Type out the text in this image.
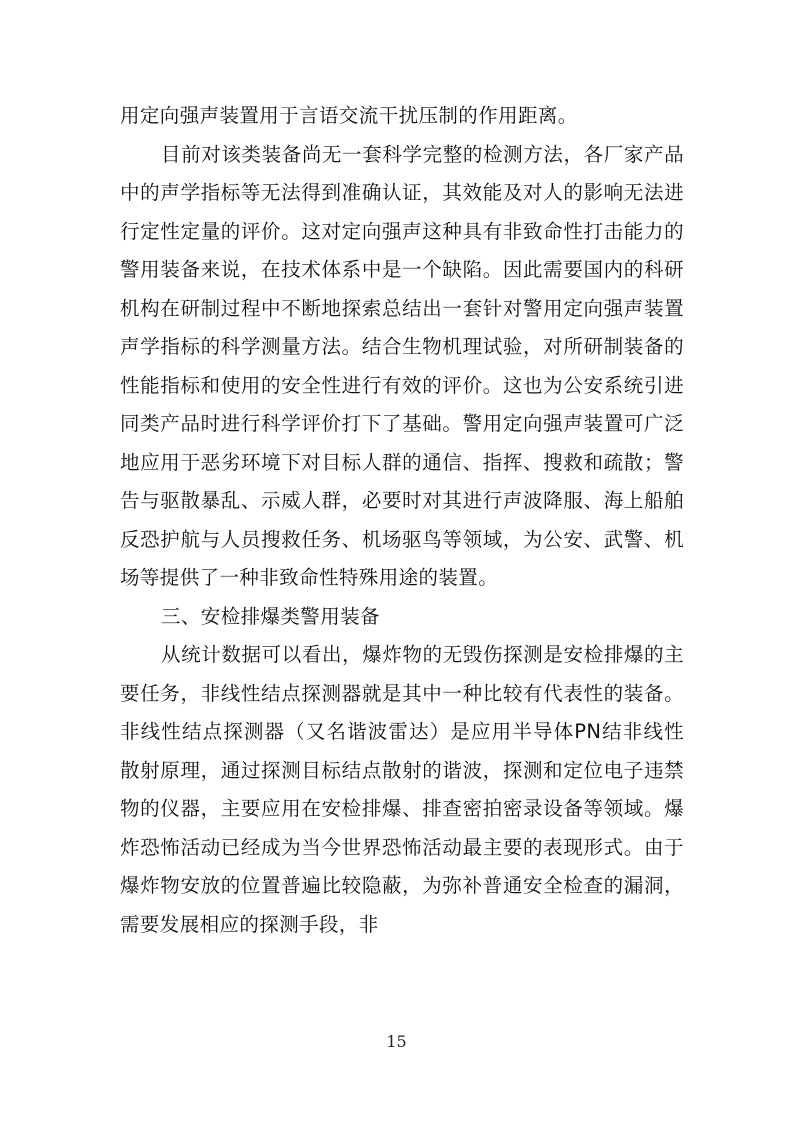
用定向强声装置用于言语交流干扰压制的作用距离。

目前对该类装备尚无一套科学完整的检测方法，各厂家产品中的声学指标等无法得到准确认证，其效能及对人的影响无法进行定性定量的评价。这对定向强声这种具有非致命性打击能力的警用装备来说，在技术体系中是一个缺陷。因此需要国内的科研机构在研制过程中不断地探索总结出一套针对警用定向强声装置声学指标的科学测量方法。结合生物机理试验，对所研制装备的性能指标和使用的安全性进行有效的评价。这也为公安系统引进同类产品时进行科学评价打下了基础。警用定向强声装置可广泛地应用于恶劣环境下对目标人群的通信、指挥、搜救和疏散；警告与驱散暴乱、示威人群，必要时对其进行声波降服、海上船舶反恐护航与人员搜救任务、机场驱鸟等领域，为公安、武警、机场等提供了一种非致命性特殊用途的装置。

三、安检排爆类警用装备

从统计数据可以看出，爆炸物的无毁伤探测是安检排爆的主要任务，非线性结点探测器就是其中一种比较有代表性的装备。非线性结点探测器（又名谐波雷达）是应用半导体PN结非线性散射原理，通过探测目标结点散射的谐波，探测和定位电子违禁物的仪器，主要应用在安检排爆、排查密拍密录设备等领域。爆炸恐怖活动已经成为当今世界恐怖活动最主要的表现形式。由于爆炸物安放的位置普遍比较隐蔽，为弥补普通安全检查的漏洞，需要发展相应的探测手段，非

15
